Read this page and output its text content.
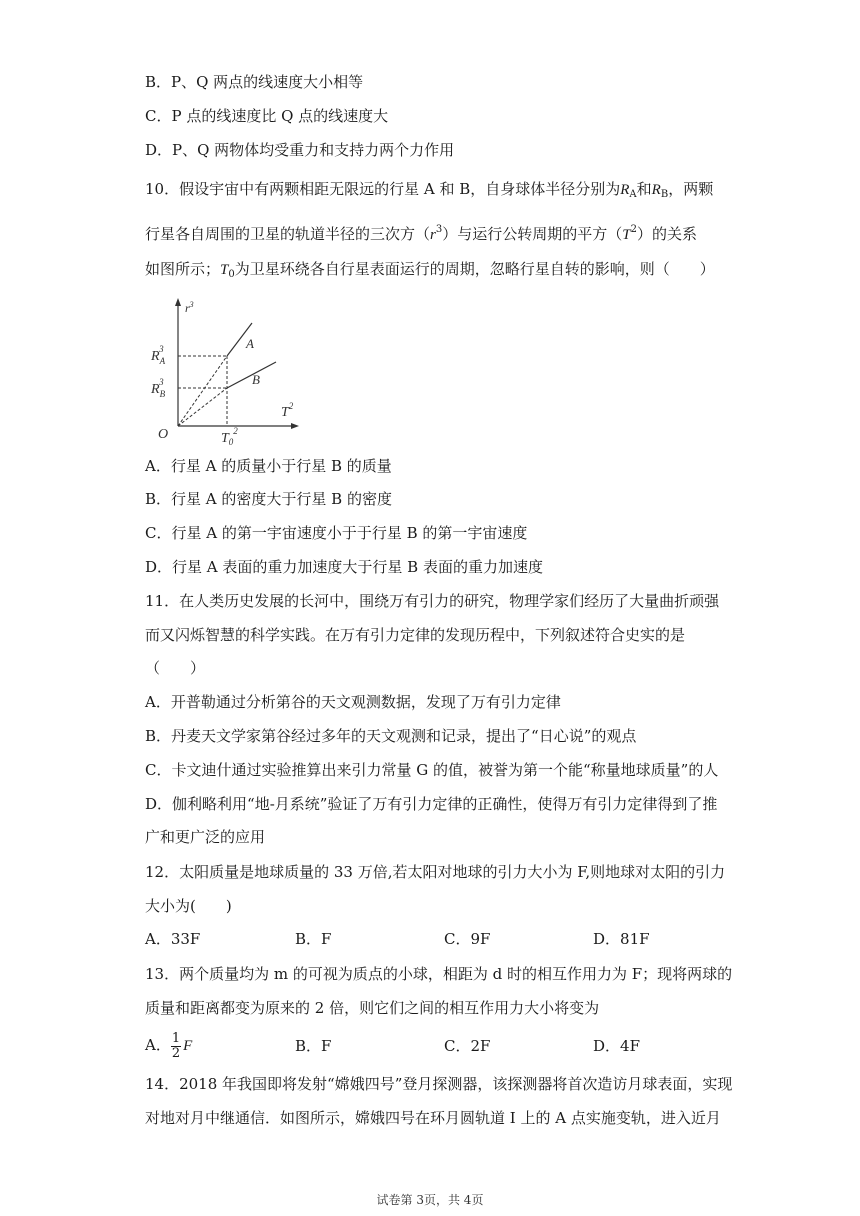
B．P、Q 两点的线速度大小相等
C．P 点的线速度比 Q 点的线速度大
D．P、Q 两物体均受重力和支持力两个力作用
10．假设宇宙中有两颗相距无限远的行星 A 和 B，自身球体半径分别为$R_A$和$R_B$，两颗
行星各自周围的卫星的轨道半径的三次方$(r^3)$与运行公转周期的平方$(T^2)$的关系
如图所示；$T_0$为卫星环绕各自行星表面运行的周期，忽略行星自转的影响，则（　　）
$r^3$
$T^2$
$R_A3$
$R_B3$
O	$T_0^2$
A
B
A．行星 A 的质量小于行星 B 的质量
B．行星 A 的密度大于行星 B 的密度
C．行星 A 的第一宇宙速度小于于行星 B 的第一宇宙速度
D．行星 A 表面的重力加速度大于行星 B 表面的重力加速度
11．在人类历史发展的长河中，围绕万有引力的研究，物理学家们经历了大量曲折顽强
而又闪烁智慧的科学实践。在万有引力定律的发现历程中，下列叙述符合史实的是
（　　）
A．开普勒通过分析第谷的天文观测数据，发现了万有引力定律
B．丹麦天文学家第谷经过多年的天文观测和记录，提出了“日心说”的观点
C．卡文迪什通过实验推算出来引力常量 G 的值，被誉为第一个能“称量地球质量”的人
D．伽利略利用“地-月系统”验证了万有引力定律的正确性，使得万有引力定律得到了推
广和更广泛的应用
12．太阳质量是地球质量的 33 万倍,若太阳对地球的引力大小为 F,则地球对太阳的引力
大小为(　　)
A．33F	B．F	C．9F	D．81F
13．两个质量均为 m 的可视为质点的小球，相距为 d 时的相互作用力为 F；现将两球的
质量和距离都变为原来的 2 倍，则它们之间的相互作用力大小将变为
A． $\frac{1}{2}$ F	B．F	C．2F	D．4F
14．2018 年我国即将发射“嫦娥四号”登月探测器，该探测器将首次造访月球表面，实现
对地对月中继通信．如图所示，嫦娥四号在环月圆轨道 I 上的 A 点实施变轨，进入近月
试卷第 3页，共 4页
